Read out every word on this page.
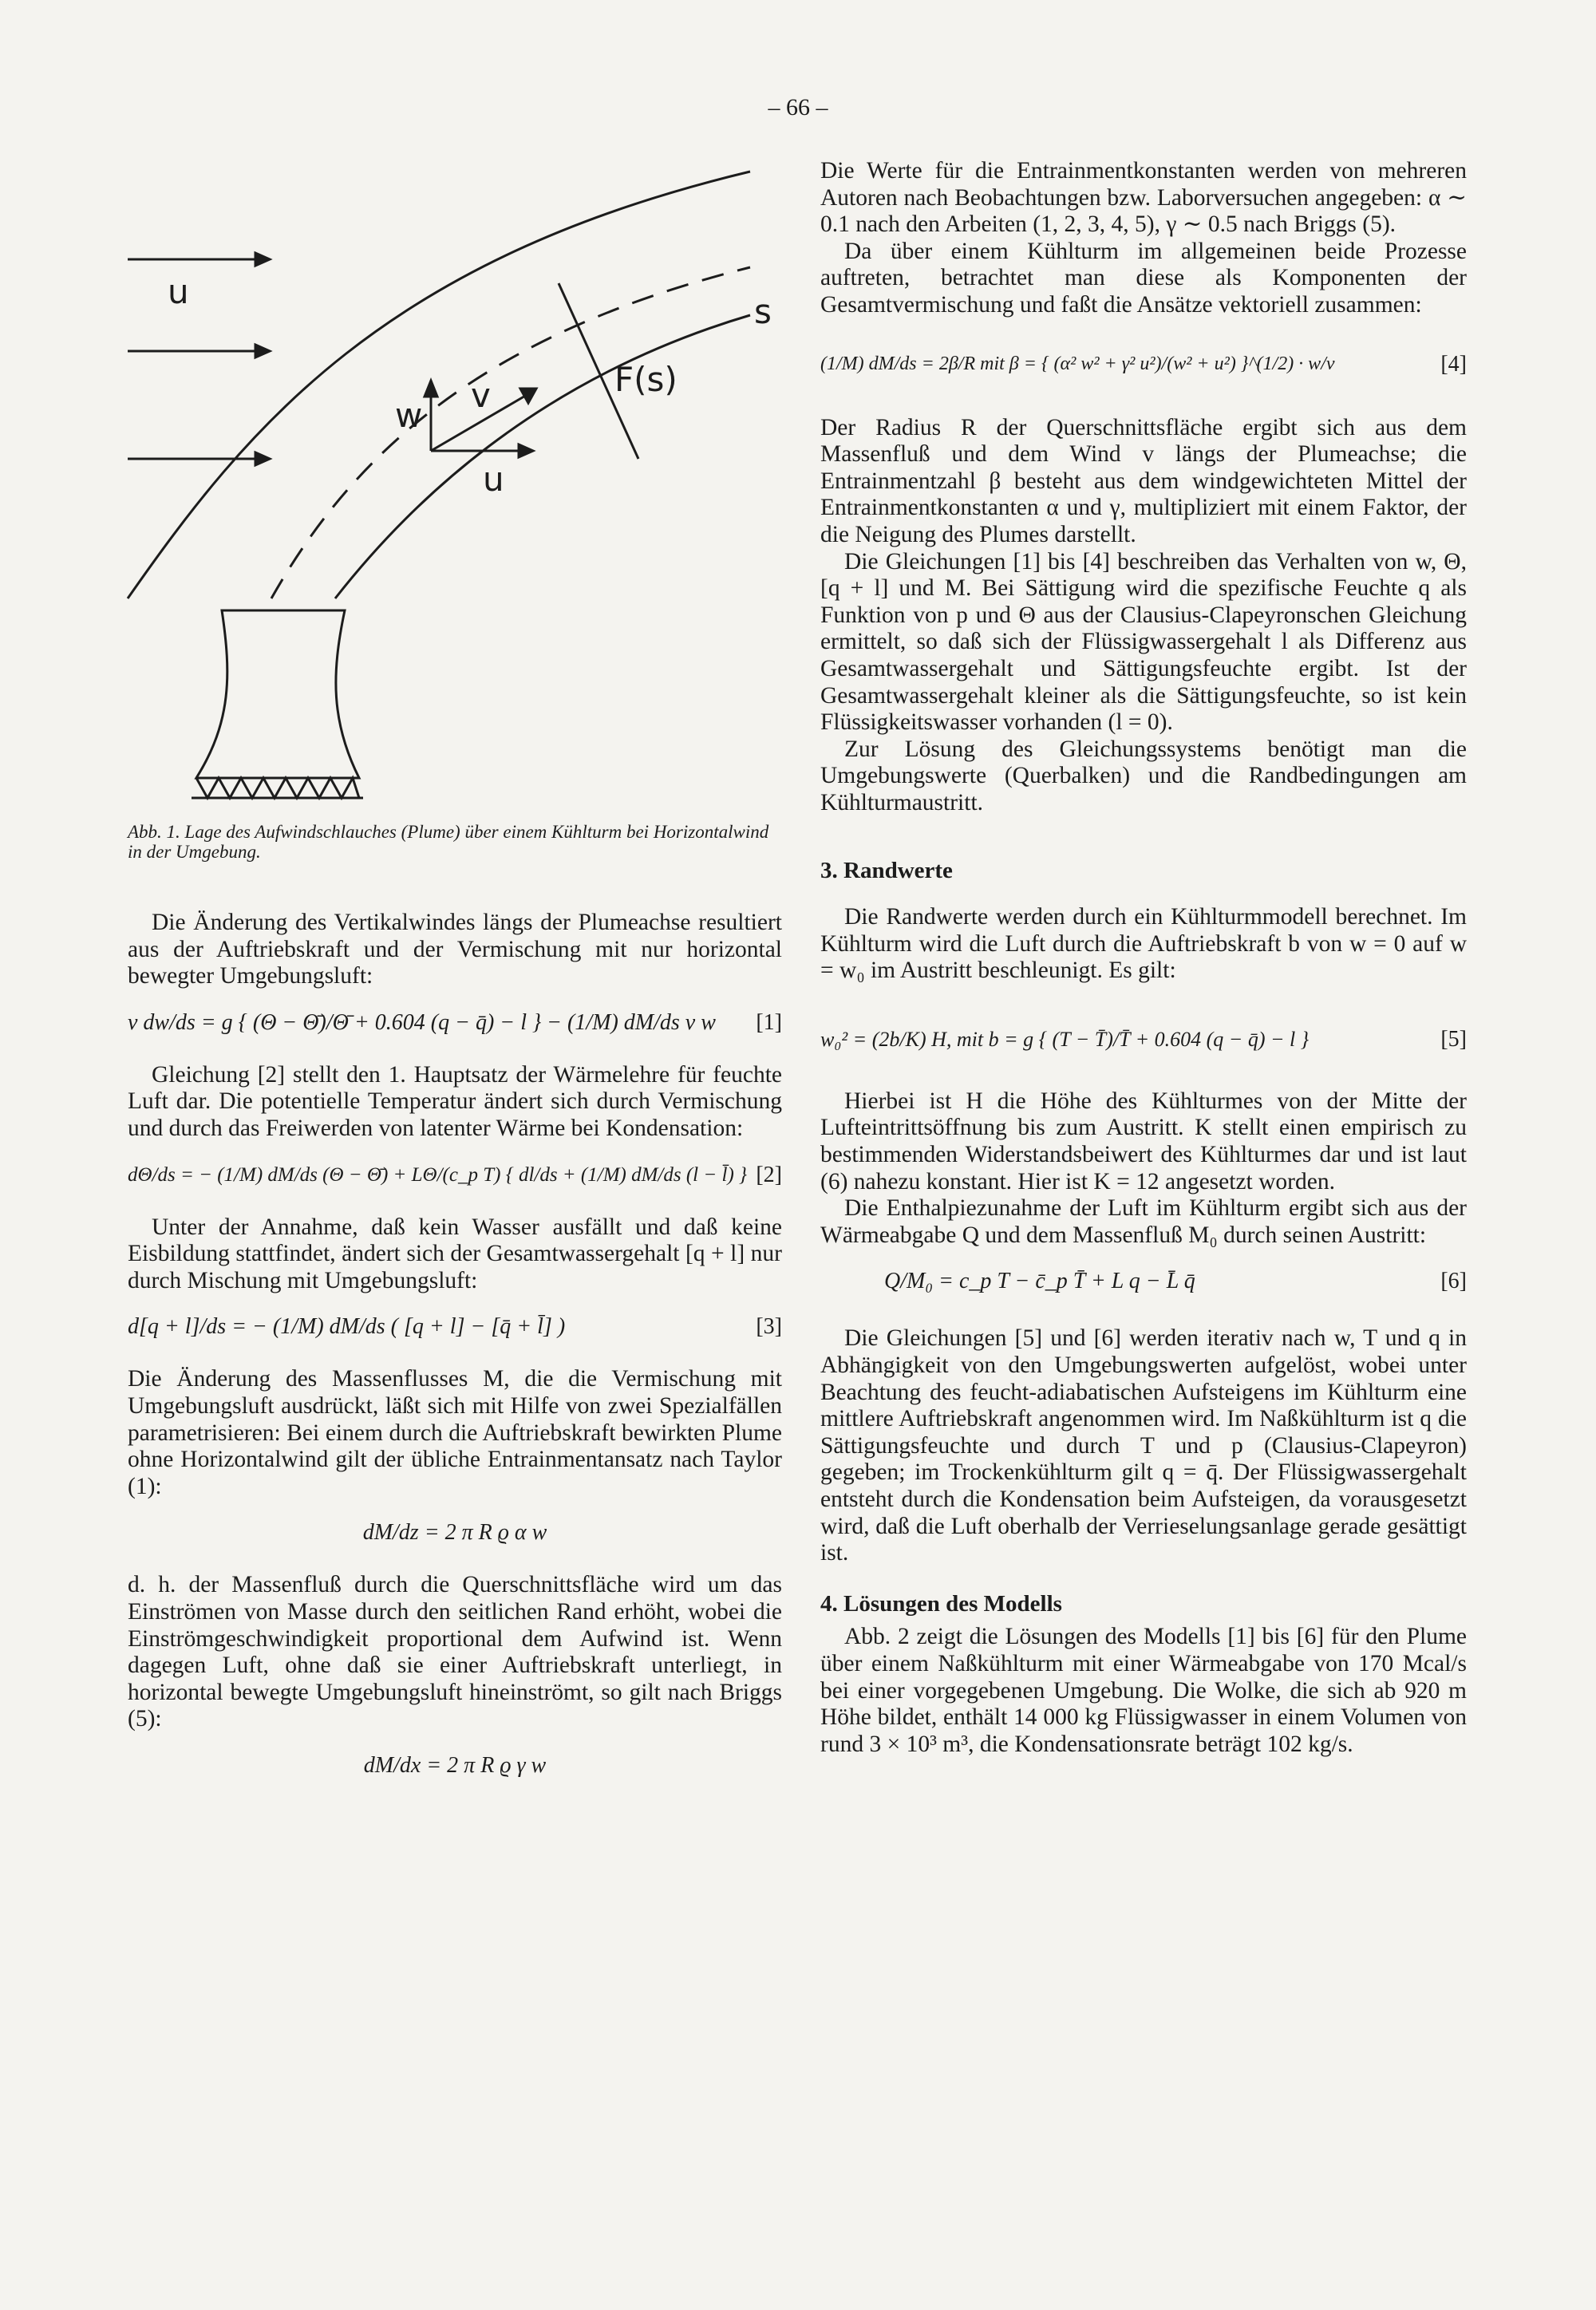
– 66 –
u
s
F(s)
w
v
u
Abb. 1. Lage des Aufwindschlauches (Plume) über einem Kühlturm bei Horizontalwind in der Umgebung.

Die Änderung des Vertikalwindes längs der Plumeachse resultiert aus der Auftriebskraft und der Vermischung mit nur horizontal bewegter Umgebungsluft:

v dw/ds = g { (Θ − Θ̄)/Θ̄ + 0.604 (q − q̄) − l } − (1/M) dM/ds v w [1]

Gleichung [2] stellt den 1. Hauptsatz der Wärmelehre für feuchte Luft dar. Die potentielle Temperatur ändert sich durch Vermischung und durch das Freiwerden von latenter Wärme bei Kondensation:

dΘ/ds = − (1/M) dM/ds (Θ − Θ̄) + LΘ/(c_p T) { dl/ds + (1/M) dM/ds (l − l̄) } [2]

Unter der Annahme, daß kein Wasser ausfällt und daß keine Eisbildung stattfindet, ändert sich der Gesamtwassergehalt [q + l] nur durch Mischung mit Umgebungsluft:

d[q + l]/ds = − (1/M) dM/ds ( [q + l] − [q̄ + l̄] )	[3]

Die Änderung des Massenflusses M, die die Vermischung mit Umgebungsluft ausdrückt, läßt sich mit Hilfe von zwei Spezialfällen parametrisieren: Bei einem durch die Auftriebskraft bewirkten Plume ohne Horizontalwind gilt der übliche Entrainmentansatz nach Taylor (1):

dM/dz = 2 π R ϱ α w

d. h. der Massenfluß durch die Querschnittsfläche wird um das Einströmen von Masse durch den seitlichen Rand erhöht, wobei die Einströmgeschwindigkeit proportional dem Aufwind ist. Wenn dagegen Luft, ohne daß sie einer Auftriebskraft unterliegt, in horizontal bewegte Umgebungsluft hineinströmt, so gilt nach Briggs (5):

dM/dx = 2 π R ϱ γ w

Die Werte für die Entrainmentkonstanten werden von mehreren Autoren nach Beobachtungen bzw. Laborversuchen angegeben: α ∼ 0.1 nach den Arbeiten (1, 2, 3, 4, 5), γ ∼ 0.5 nach Briggs (5).

Da über einem Kühlturm im allgemeinen beide Prozesse auftreten, betrachtet man diese als Komponenten der Gesamtvermischung und faßt die Ansätze vektoriell zusammen:

(1/M) dM/ds = 2β/R mit β = { (α² w² + γ² u²)/(w² + u²) }^(1/2) · w/v	[4]

Der Radius R der Querschnittsfläche ergibt sich aus dem Massenfluß und dem Wind v längs der Plumeachse; die Entrainmentzahl β besteht aus dem windgewichteten Mittel der Entrainmentkonstanten α und γ, multipliziert mit einem Faktor, der die Neigung des Plumes darstellt.

Die Gleichungen [1] bis [4] beschreiben das Verhalten von w, Θ, [q + l] und M. Bei Sättigung wird die spezifische Feuchte q als Funktion von p und Θ aus der Clausius-Clapeyronschen Gleichung ermittelt, so daß sich der Flüssigwassergehalt l als Differenz aus Gesamtwassergehalt und Sättigungsfeuchte ergibt. Ist der Gesamtwassergehalt kleiner als die Sättigungsfeuchte, so ist kein Flüssigkeitswasser vorhanden (l = 0).

Zur Lösung des Gleichungssystems benötigt man die Umgebungswerte (Querbalken) und die Randbedingungen am Kühlturmaustritt.

3. Randwerte

Die Randwerte werden durch ein Kühlturmmodell berechnet. Im Kühlturm wird die Luft durch die Auftriebskraft b von w = 0 auf w = w₀ im Austritt beschleunigt. Es gilt:

w₀² = (2b/K) H, mit b = g { (T − T̄)/T̄ + 0.604 (q − q̄) − l }	[5]

Hierbei ist H die Höhe des Kühlturmes von der Mitte der Lufteintrittsöffnung bis zum Austritt. K stellt einen empirisch zu bestimmenden Widerstandsbeiwert des Kühlturmes dar und ist laut (6) nahezu konstant. Hier ist K = 12 angesetzt worden.

Die Enthalpiezunahme der Luft im Kühlturm ergibt sich aus der Wärmeabgabe Q und dem Massenfluß M₀ durch seinen Austritt:

Q/M₀ = c_p T − c̄_p T̄ + L q − L̄ q̄	[6]

Die Gleichungen [5] und [6] werden iterativ nach w, T und q in Abhängigkeit von den Umgebungswerten aufgelöst, wobei unter Beachtung des feucht-adiabatischen Aufsteigens im Kühlturm eine mittlere Auftriebskraft angenommen wird. Im Naßkühlturm ist q die Sättigungsfeuchte und durch T und p (Clausius-Clapeyron) gegeben; im Trockenkühlturm gilt q = q̄. Der Flüssigwassergehalt entsteht durch die Kondensation beim Aufsteigen, da vorausgesetzt wird, daß die Luft oberhalb der Verrieselungsanlage gerade gesättigt ist.

4. Lösungen des Modells

Abb. 2 zeigt die Lösungen des Modells [1] bis [6] für den Plume über einem Naßkühlturm mit einer Wärmeabgabe von 170 Mcal/s bei einer vorgegebenen Umgebung. Die Wolke, die sich ab 920 m Höhe bildet, enthält 14 000 kg Flüssigwasser in einem Volumen von rund 3 × 10³ m³, die Kondensationsrate beträgt 102 kg/s.
